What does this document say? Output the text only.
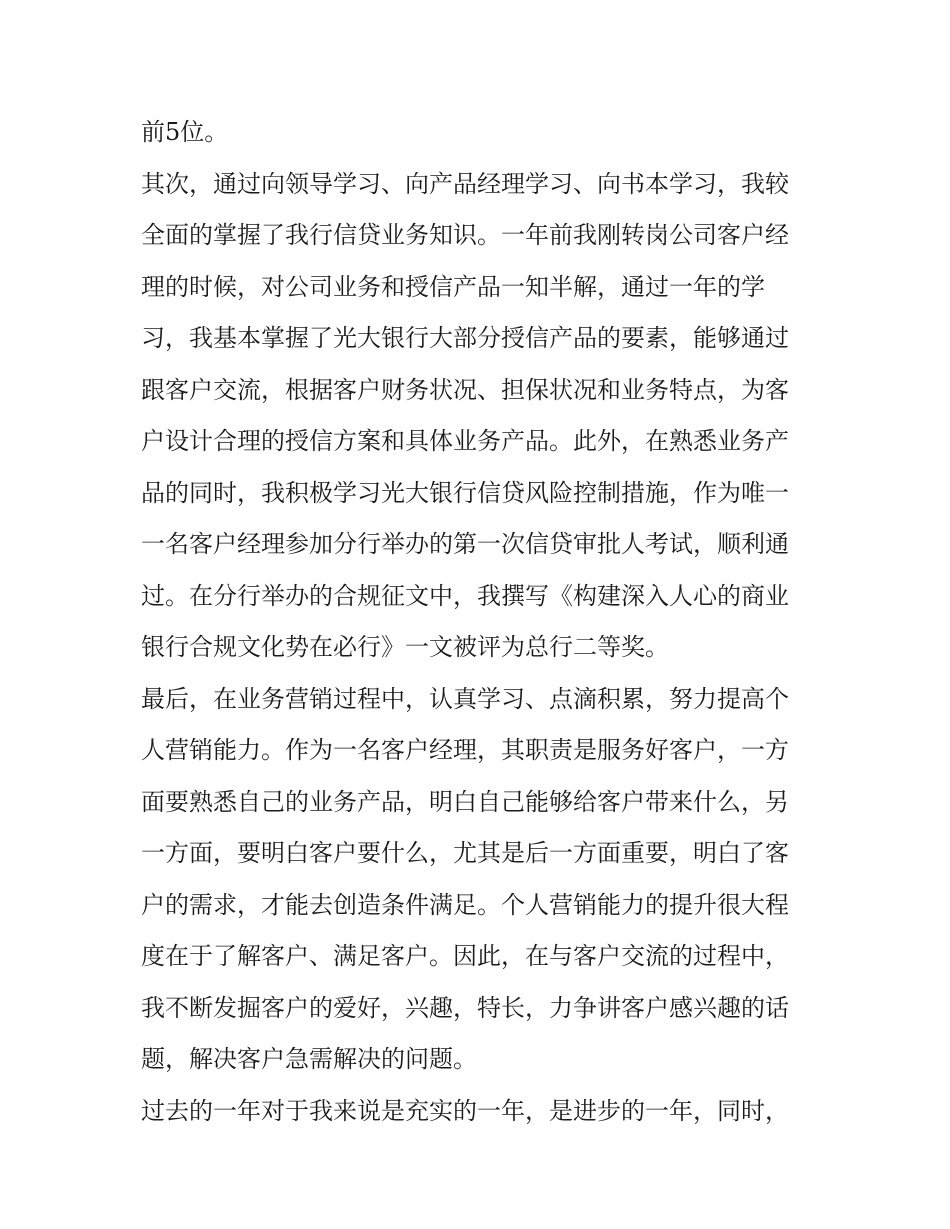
前5位。
其次，通过向领导学习、向产品经理学习、向书本学习，我较
全面的掌握了我行信贷业务知识。一年前我刚转岗公司客户经
理的时候，对公司业务和授信产品一知半解，通过一年的学
习，我基本掌握了光大银行大部分授信产品的要素，能够通过
跟客户交流，根据客户财务状况、担保状况和业务特点，为客
户设计合理的授信方案和具体业务产品。此外，在熟悉业务产
品的同时，我积极学习光大银行信贷风险控制措施，作为唯一
一名客户经理参加分行举办的第一次信贷审批人考试，顺利通
过。在分行举办的合规征文中，我撰写《构建深入人心的商业
银行合规文化势在必行》一文被评为总行二等奖。
最后，在业务营销过程中，认真学习、点滴积累，努力提高个
人营销能力。作为一名客户经理，其职责是服务好客户，一方
面要熟悉自己的业务产品，明白自己能够给客户带来什么，另
一方面，要明白客户要什么，尤其是后一方面重要，明白了客
户的需求，才能去创造条件满足。个人营销能力的提升很大程
度在于了解客户、满足客户。因此，在与客户交流的过程中，
我不断发掘客户的爱好，兴趣，特长，力争讲客户感兴趣的话
题，解决客户急需解决的问题。
过去的一年对于我来说是充实的一年，是进步的一年，同时，
